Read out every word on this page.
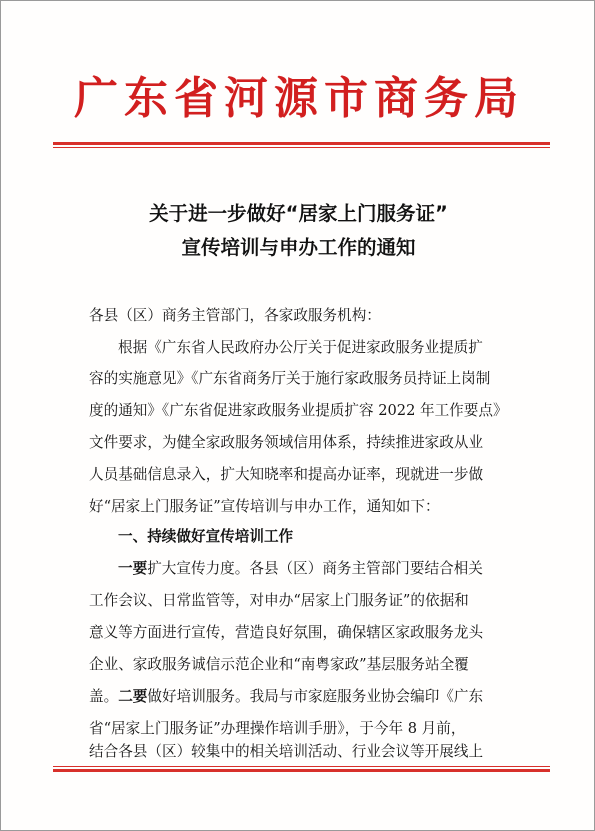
广东省河源市商务局
关于进一步做好“居家上门服务证”
宣传培训与申办工作的通知
各县（区）商务主管部门，各家政服务机构：
根据《广东省人民政府办公厅关于促进家政服务业提质扩
容的实施意见》《广东省商务厅关于施行家政服务员持证上岗制
度的通知》《广东省促进家政服务业提质扩容 2022 年工作要点》
文件要求，为健全家政服务领域信用体系，持续推进家政从业
人员基础信息录入，扩大知晓率和提高办证率，现就进一步做
好“居家上门服务证”宣传培训与申办工作，通知如下：
一、持续做好宣传培训工作
一要扩大宣传力度。各县（区）商务主管部门要结合相关
工作会议、日常监管等，对申办“居家上门服务证”的依据和
意义等方面进行宣传，营造良好氛围，确保辖区家政服务龙头
企业、家政服务诚信示范企业和“南粤家政”基层服务站全覆
盖。二要做好培训服务。我局与市家庭服务业协会编印《广东
省“居家上门服务证”办理操作培训手册》，于今年 8 月前，
结合各县（区）较集中的相关培训活动、行业会议等开展线上
